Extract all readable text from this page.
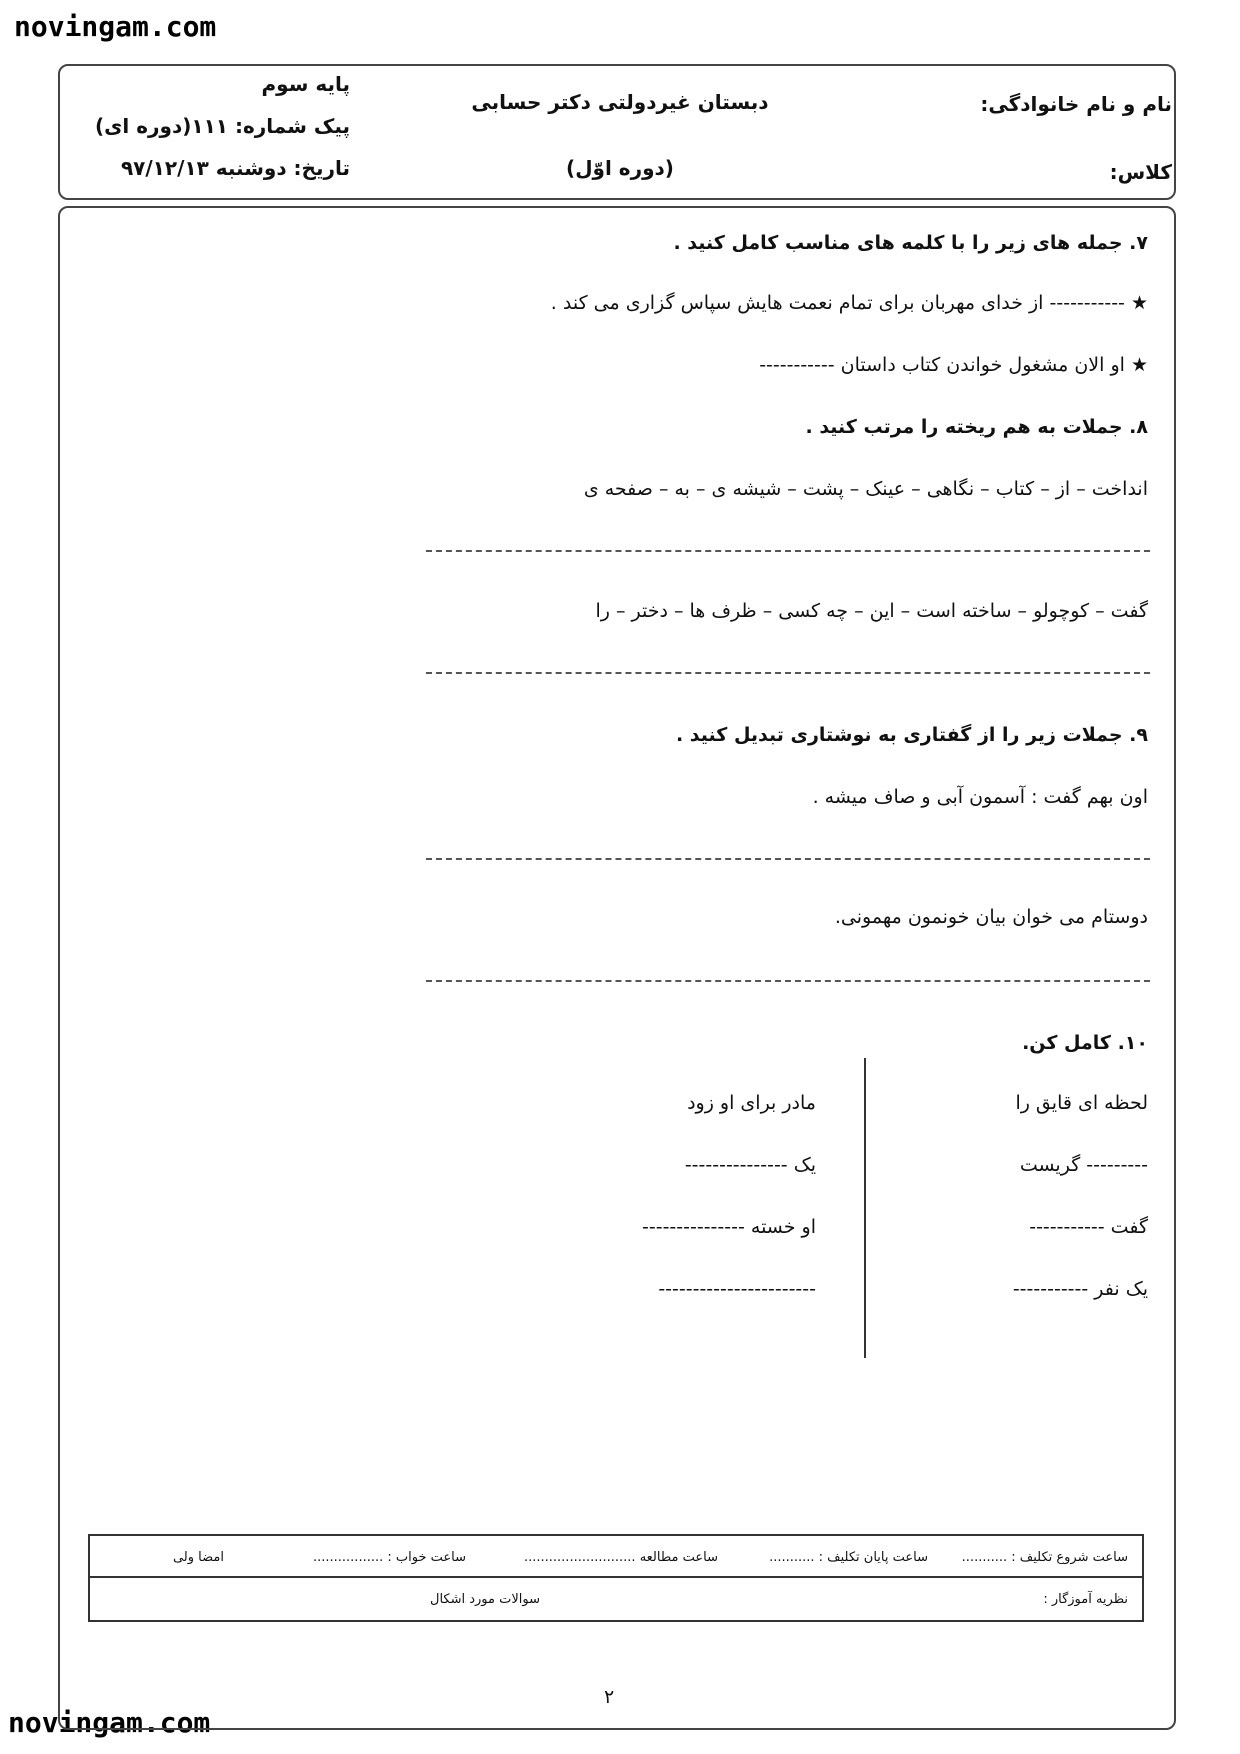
novingam.com
novingam.com
نام و نام خانوادگی:
کلاس:
دبستان غیردولتی دکتر حسابی
(دوره اوّل)
پایه سوم
پیک شماره: ۱۱۱(دوره ای)
تاریخ: دوشنبه ۹۷/۱۲/۱۳
۷. جمله های زیر را با کلمه های مناسب کامل کنید .
★ ----------- از خدای مهربان برای تمام نعمت هایش سپاس گزاری می کند .
★ او الان مشغول خواندن کتاب داستان -----------
۸. جملات به هم ریخته را مرتب کنید .
انداخت – از – کتاب – نگاهی – عینک – پشت – شیشه ی – به – صفحه ی
گفت – کوچولو – ساخته است – این – چه کسی – ظرف ها – دختر – را
۹. جملات زیر را از گفتاری به نوشتاری تبدیل کنید .
اون بهم گفت : آسمون آبی و صاف میشه .
دوستام می خوان بیان خونمون مهمونی.
۱۰. کامل کن.
لحظه ای قایق را
--------- گریست
گفت -----------
یک نفر -----------
مادر برای او زود
یک ---------------
او خسته ---------------
-----------------------
ساعت شروع تکلیف : ...........
ساعت پایان تکلیف : ...........
ساعت مطالعه ...........................
ساعت خواب : .................
امضا ولی
نظریه آموزگار :
سوالات مورد اشکال
۲
